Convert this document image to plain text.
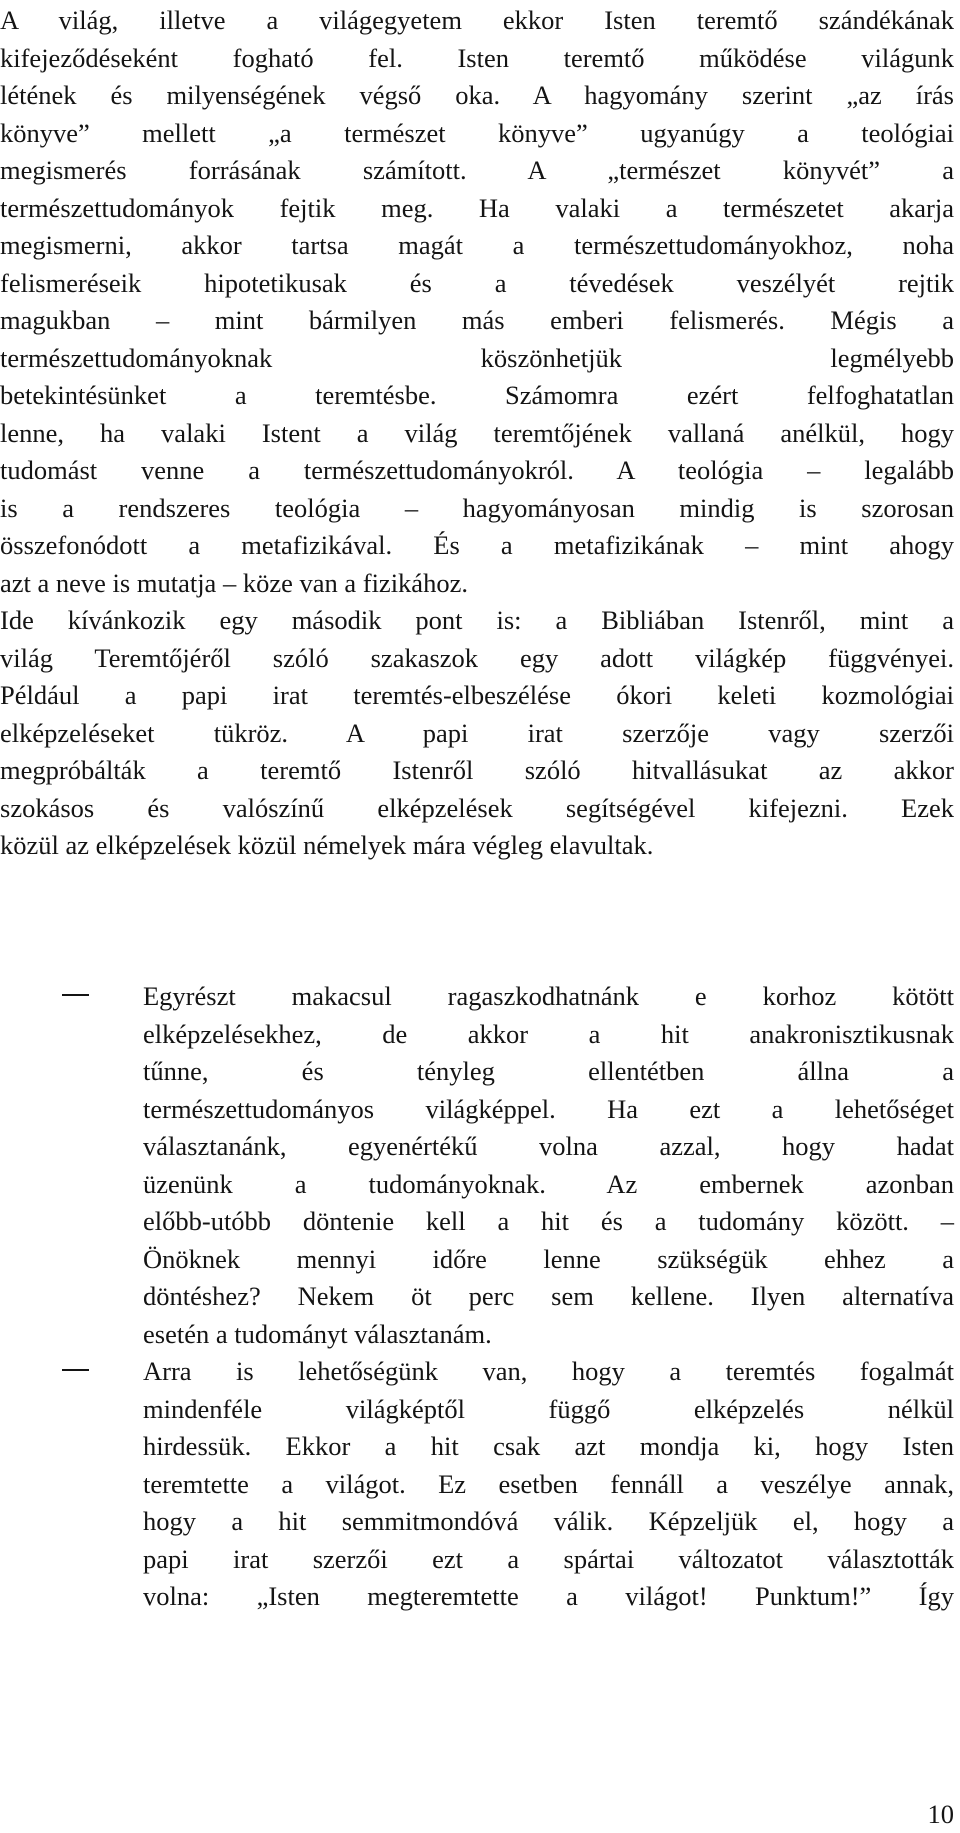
A világ, illetve a világegyetem ekkor Isten teremtő szándékának
kifejeződéseként fogható fel. Isten teremtő működése világunk
létének és milyenségének végső oka. A hagyomány szerint „az írás
könyve” mellett „a természet könyve” ugyanúgy a teológiai
megismerés forrásának számított. A „természet könyvét” a
természettudományok fejtik meg. Ha valaki a természetet akarja
megismerni, akkor tartsa magát a természettudományokhoz, noha
felismeréseik hipotetikusak és a tévedések veszélyét rejtik
magukban – mint bármilyen más emberi felismerés. Mégis a
természettudományoknak köszönhetjük legmélyebb
betekintésünket a teremtésbe. Számomra ezért felfoghatatlan
lenne, ha valaki Istent a világ teremtőjének vallaná anélkül, hogy
tudomást venne a természettudományokról. A teológia – legalább
is a rendszeres teológia – hagyományosan mindig is szorosan
összefonódott a metafizikával. És a metafizikának – mint ahogy
azt a neve is mutatja – köze van a fizikához.
Ide kívánkozik egy második pont is: a Bibliában Istenről, mint a
világ Teremtőjéről szóló szakaszok egy adott világkép függvényei.
Például a papi irat teremtés-elbeszélése ókori keleti kozmológiai
elképzeléseket tükröz. A papi irat szerzője vagy szerzői
megpróbálták a teremtő Istenről szóló hitvallásukat az akkor
szokásos és valószínű elképzelések segítségével kifejezni. Ezek
közül az elképzelések közül némelyek mára végleg elavultak.
Egyrészt makacsul ragaszkodhatnánk e korhoz kötött
elképzelésekhez, de akkor a hit anakronisztikusnak
tűnne, és tényleg ellentétben állna a
természettudományos világképpel. Ha ezt a lehetőséget
választanánk, egyenértékű volna azzal, hogy hadat
üzenünk a tudományoknak. Az embernek azonban
előbb-utóbb döntenie kell a hit és a tudomány között. –
Önöknek mennyi időre lenne szükségük ehhez a
döntéshez? Nekem öt perc sem kellene. Ilyen alternatíva
esetén a tudományt választanám.
Arra is lehetőségünk van, hogy a teremtés fogalmát
mindenféle világképtől függő elképzelés nélkül
hirdessük. Ekkor a hit csak azt mondja ki, hogy Isten
teremtette a világot. Ez esetben fennáll a veszélye annak,
hogy a hit semmitmondóvá válik. Képzeljük el, hogy a
papi irat szerzői ezt a spártai változatot választották
volna: „Isten megteremtette a világot! Punktum!” Így
10
